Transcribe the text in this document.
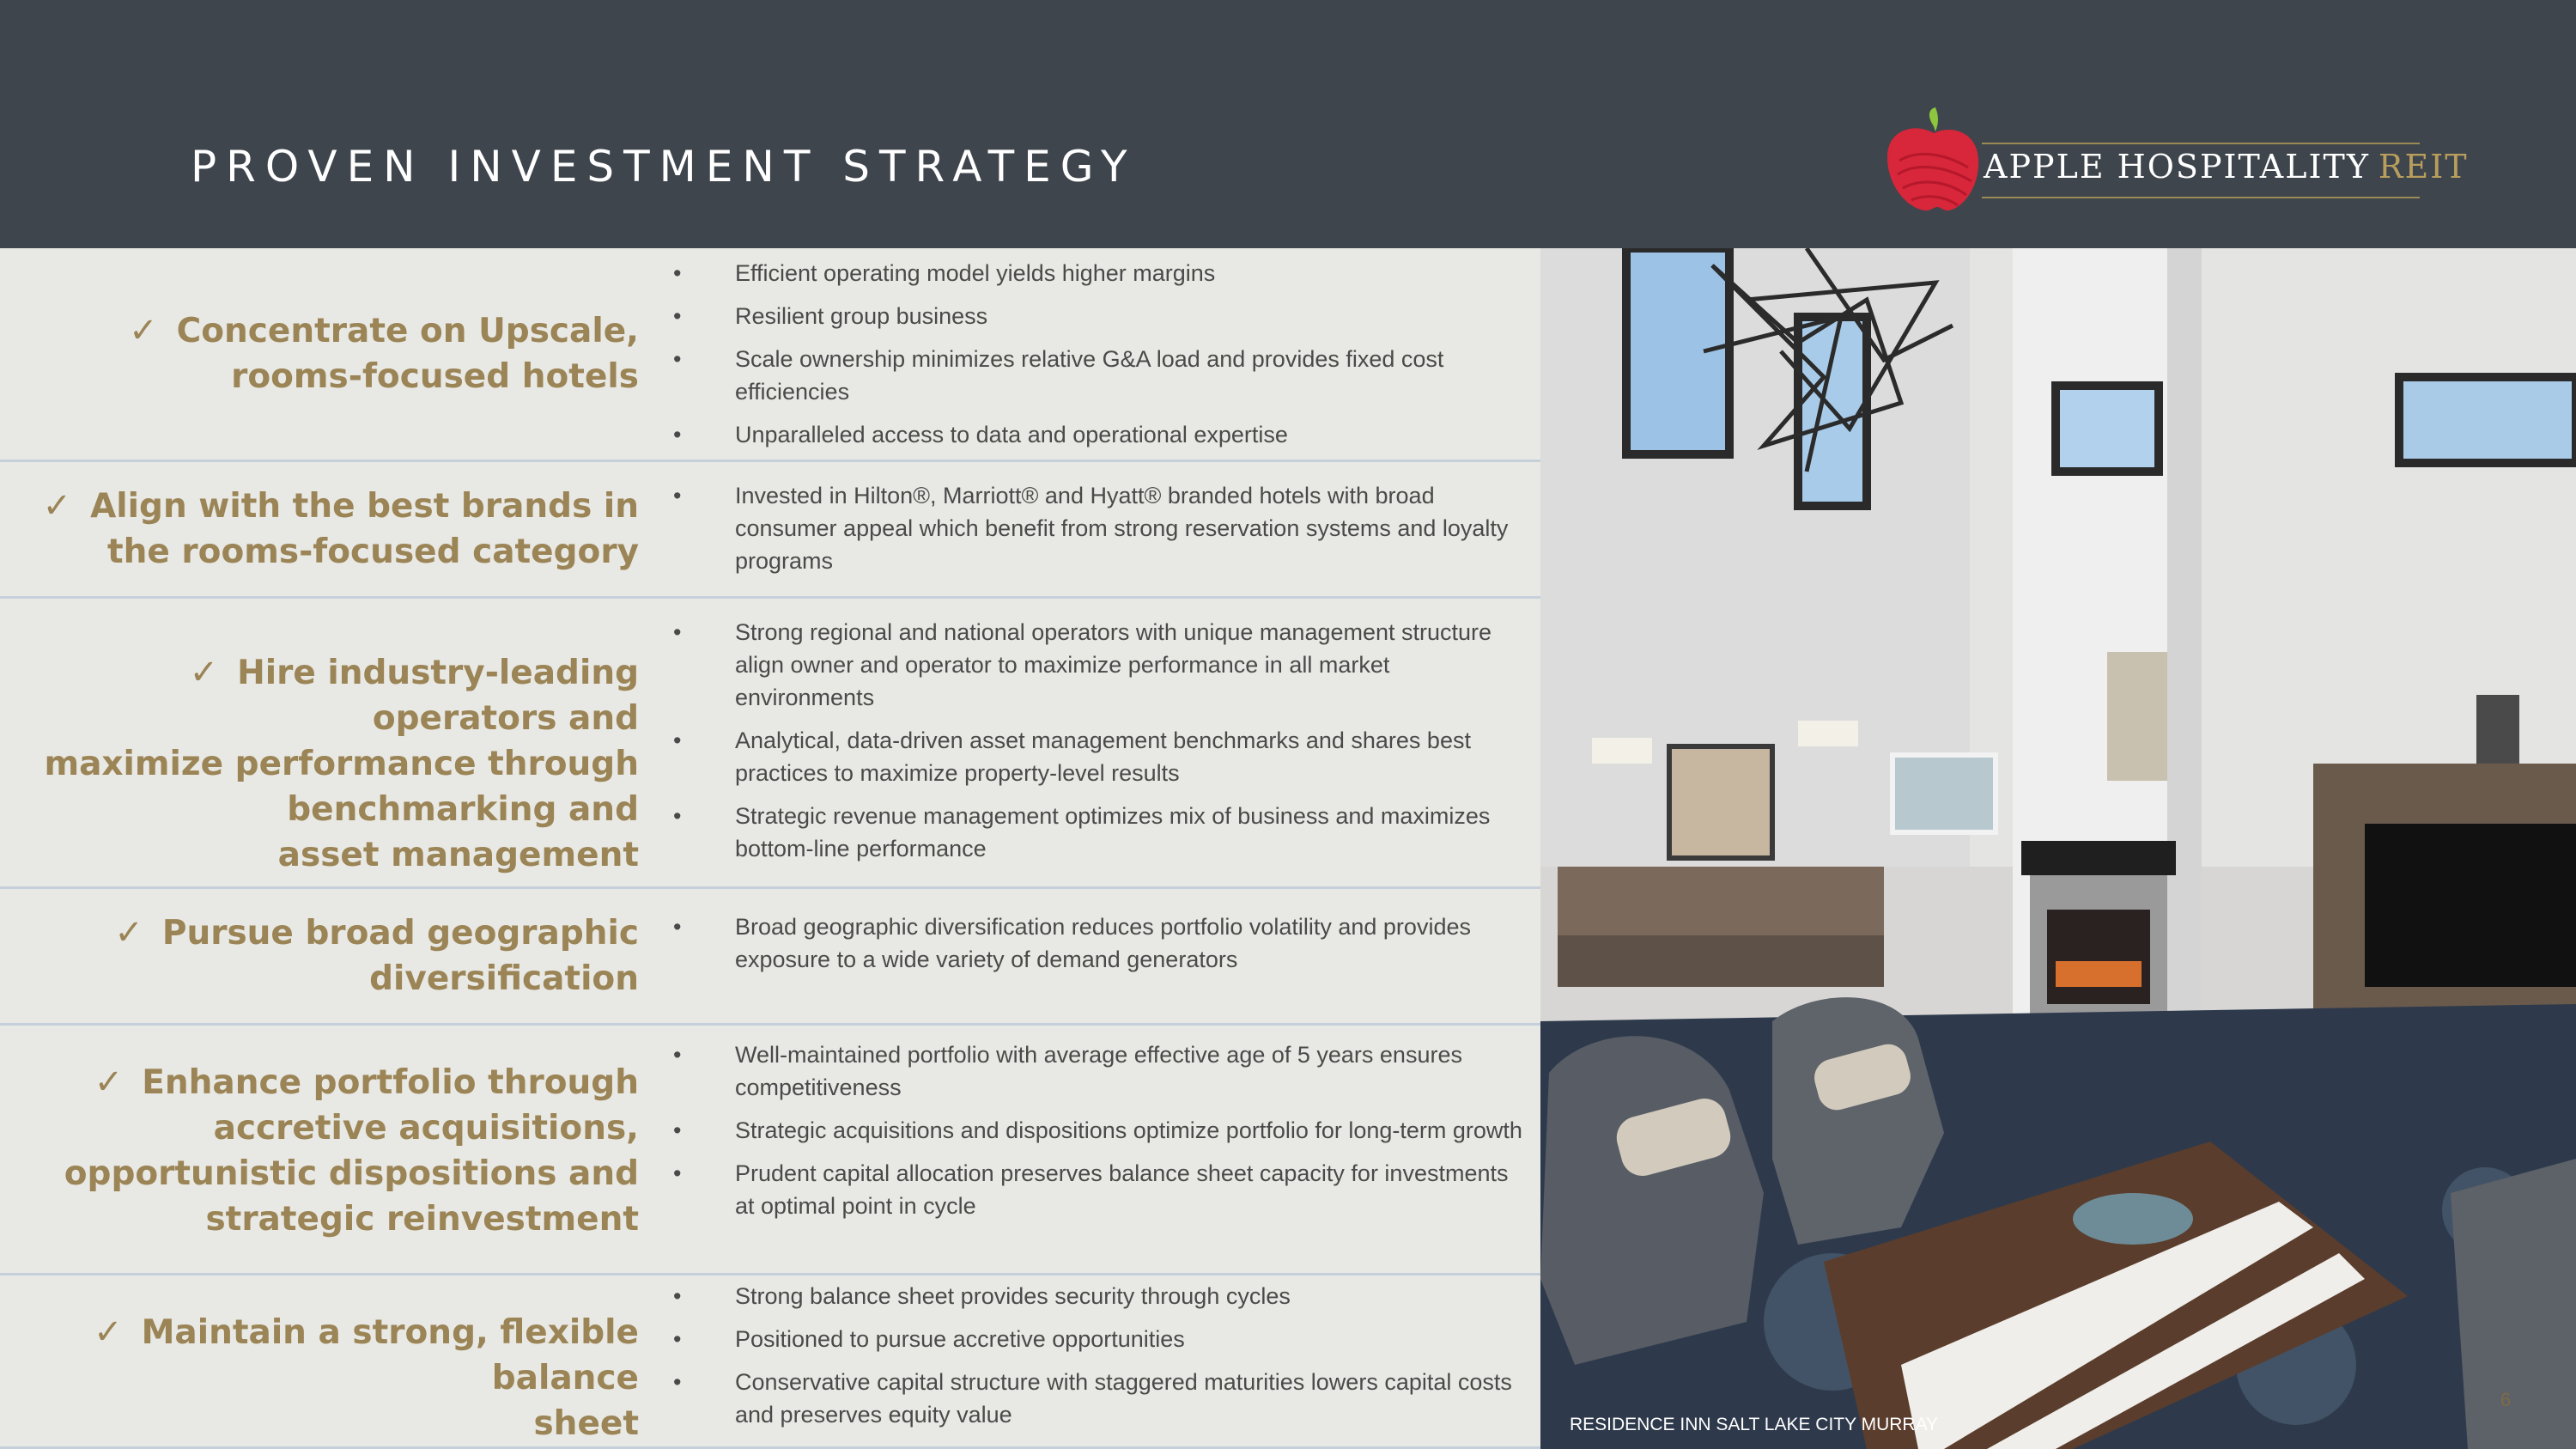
PROVEN INVESTMENT STRATEGY	APPLE HOSPITALITY REIT
✓ Concentrate on Upscale,
rooms-focused hotels
• Efficient operating model yields higher margins
• Resilient group business
• Scale ownership minimizes relative G&A load and provides fixed cost efficiencies
• Unparalleled access to data and operational expertise
✓ Align with the best brands in
the rooms-focused category
• Invested in Hilton®, Marriott® and Hyatt® branded hotels with broad consumer appeal which benefit from strong reservation systems and loyalty programs
✓ Hire industry-leading operators and
maximize performance through
benchmarking and
asset management
• Strong regional and national operators with unique management structure align owner and operator to maximize performance in all market environments
• Analytical, data-driven asset management benchmarks and shares best practices to maximize property-level results
• Strategic revenue management optimizes mix of business and maximizes bottom-line performance
✓ Pursue broad geographic
diversification
• Broad geographic diversification reduces portfolio volatility and provides exposure to a wide variety of demand generators
✓ Enhance portfolio through
accretive acquisitions,
opportunistic dispositions and
strategic reinvestment
• Well-maintained portfolio with average effective age of 5 years ensures competitiveness
• Strategic acquisitions and dispositions optimize portfolio for long-term growth
• Prudent capital allocation preserves balance sheet capacity for investments at optimal point in cycle
✓ Maintain a strong, flexible balance
sheet
• Strong balance sheet provides security through cycles
• Positioned to pursue accretive opportunities
• Conservative capital structure with staggered maturities lowers capital costs and preserves equity value	RESIDENCE INN SALT LAKE CITY MURRAY
6
